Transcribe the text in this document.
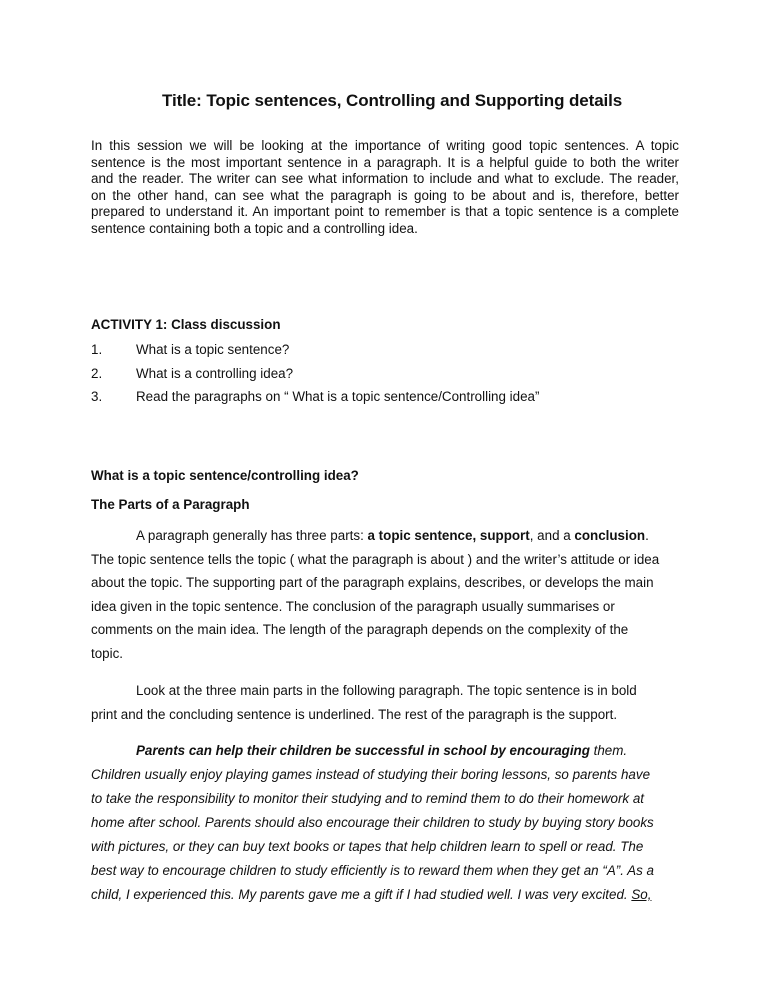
Title: Topic sentences, Controlling and Supporting details
In this session we will be looking at the importance of writing good topic sentences. A topic
sentence is the most important sentence in a paragraph. It is a helpful guide to both the writer
and the reader. The writer can see what information to include and what to exclude. The reader,
on the other hand, can see what the paragraph is going to be about and is, therefore, better
prepared to understand it. An important point to remember is that a topic sentence is a complete
sentence containing both a topic and a controlling idea.
ACTIVITY 1: Class discussion
1.	What is a topic sentence?
2.	What is a controlling idea?
3.	Read the paragraphs on “ What is a topic sentence/Controlling idea”
What is a topic sentence/controlling idea?
The Parts of a Paragraph
A paragraph generally has three parts: a topic sentence, support, and a conclusion.
The topic sentence tells the topic ( what the paragraph is about ) and the writer’s attitude or idea
about the topic. The supporting part of the paragraph explains, describes, or develops the main
idea given in the topic sentence. The conclusion of the paragraph usually summarises or
comments on the main idea. The length of the paragraph depends on the complexity of the
topic.
Look at the three main parts in the following paragraph. The topic sentence is in bold
print and the concluding sentence is underlined. The rest of the paragraph is the support.
Parents can help their children be successful in school by encouraging them.
Children usually enjoy playing games instead of studying their boring lessons, so parents have
to take the responsibility to monitor their studying and to remind them to do their homework at
home after school. Parents should also encourage their children to study by buying story books
with pictures, or they can buy text books or tapes that help children learn to spell or read. The
best way to encourage children to study efficiently is to reward them when they get an “A”. As a
child, I experienced this. My parents gave me a gift if I had studied well. I was very excited. So,
